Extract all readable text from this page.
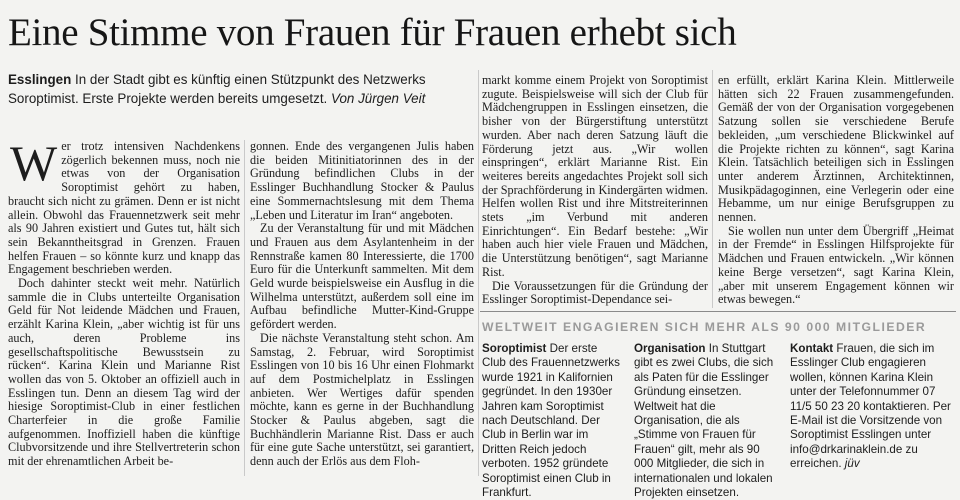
Eine Stimme von Frauen für Frauen erhebt sich
Esslingen In der Stadt gibt es künftig einen Stützpunkt des Netzwerks Soroptimist. Erste Projekte werden bereits umgesetzt. Von Jürgen Veit

Wer trotz intensiven Nachdenkens zögerlich bekennen muss, noch nie etwas von der Organisation Soroptimist gehört zu haben, braucht sich nicht zu grämen. Denn er ist nicht allein. Obwohl das Frauennetzwerk seit mehr als 90 Jahren existiert und Gutes tut, hält sich sein Bekanntheitsgrad in Grenzen. Frauen helfen Frauen – so könnte kurz und knapp das Engagement beschrieben werden.

Doch dahinter steckt weit mehr. Natürlich sammle die in Clubs unterteilte Organisation Geld für Not leidende Mädchen und Frauen, erzählt Karina Klein, „aber wichtig ist für uns auch, deren Probleme ins gesellschaftspolitische Bewusstsein zu rücken“. Karina Klein und Marianne Rist wollen das von 5. Oktober an offiziell auch in Esslingen tun. Denn an diesem Tag wird der hiesige Soroptimist-Club in einer festlichen Charterfeier in die große Familie aufgenommen. Inoffiziell haben die künftige Clubvorsitzende und ihre Stellvertreterin schon mit der ehrenamtlichen Arbeit be-

gonnen. Ende des vergangenen Julis haben die beiden Mitinitiatorinnen des in der Gründung befindlichen Clubs in der Esslinger Buchhandlung Stocker & Paulus eine Sommernachtslesung mit dem Thema „Leben und Literatur im Iran“ angeboten.

Zu der Veranstaltung für und mit Mädchen und Frauen aus dem Asylantenheim in der Rennstraße kamen 80 Interessierte, die 1700 Euro für die Unterkunft sammelten. Mit dem Geld wurde beispielsweise ein Ausflug in die Wilhelma unterstützt, außerdem soll eine im Aufbau befindliche Mutter-Kind-Gruppe gefördert werden.

Die nächste Veranstaltung steht schon. Am Samstag, 2. Februar, wird Soroptimist Esslingen von 10 bis 16 Uhr einen Flohmarkt auf dem Postmichelplatz in Esslingen anbieten. Wer Wertiges dafür spenden möchte, kann es gerne in der Buchhandlung Stocker & Paulus abgeben, sagt die Buchhändlerin Marianne Rist. Dass er auch für eine gute Sache unterstützt, sei garantiert, denn auch der Erlös aus dem Floh-

markt komme einem Projekt von Soroptimist zugute. Beispielsweise will sich der Club für Mädchengruppen in Esslingen einsetzen, die bisher von der Bürgerstiftung unterstützt wurden. Aber nach deren Satzung läuft die Förderung jetzt aus. „Wir wollen einspringen“, erklärt Marianne Rist. Ein weiteres bereits angedachtes Projekt soll sich der Sprachförderung in Kindergärten widmen. Helfen wollen Rist und ihre Mitstreiterinnen stets „im Verbund mit anderen Einrichtungen“. Ein Bedarf bestehe: „Wir haben auch hier viele Frauen und Mädchen, die Unterstützung benötigen“, sagt Marianne Rist.

Die Voraussetzungen für die Gründung der Esslinger Soroptimist-Dependance sei-

en erfüllt, erklärt Karina Klein. Mittlerweile hätten sich 22 Frauen zusammengefunden. Gemäß der von der Organisation vorgegebenen Satzung sollen sie verschiedene Berufe bekleiden, „um verschiedene Blickwinkel auf die Projekte richten zu können“, sagt Karina Klein. Tatsächlich beteiligen sich in Esslingen unter anderem Ärztinnen, Architektinnen, Musikpädagoginnen, eine Verlegerin oder eine Hebamme, um nur einige Berufsgruppen zu nennen.

Sie wollen nun unter dem Übergriff „Heimat in der Fremde“ in Esslingen Hilfsprojekte für Mädchen und Frauen entwickeln. „Wir können keine Berge versetzen“, sagt Karina Klein, „aber mit unserem Engagement können wir etwas bewegen.“

WELTWEIT ENGAGIEREN SICH MEHR ALS 90 000 MITGLIEDER
Soroptimist Der erste Club des Frauennetzwerks wurde 1921 in Kalifornien gegründet. In den 1930er Jahren kam Soroptimist nach Deutschland. Der Club in Berlin war im Dritten Reich jedoch verboten. 1952 gründete Soroptimist einen Club in Frankfurt.
Organisation In Stuttgart gibt es zwei Clubs, die sich als Paten für die Esslinger Gründung einsetzen. Weltweit hat die Organisation, die als „Stimme von Frauen für Frauen“ gilt, mehr als 90 000 Mitglieder, die sich in internationalen und lokalen Projekten einsetzen.
Kontakt Frauen, die sich im Esslinger Club engagieren wollen, können Karina Klein unter der Telefonnummer 07 11/5 50 23 20 kontaktieren. Per E-Mail ist die Vorsitzende von Soroptimist Esslingen unter info@drkarinaklein.de zu erreichen. jüv
